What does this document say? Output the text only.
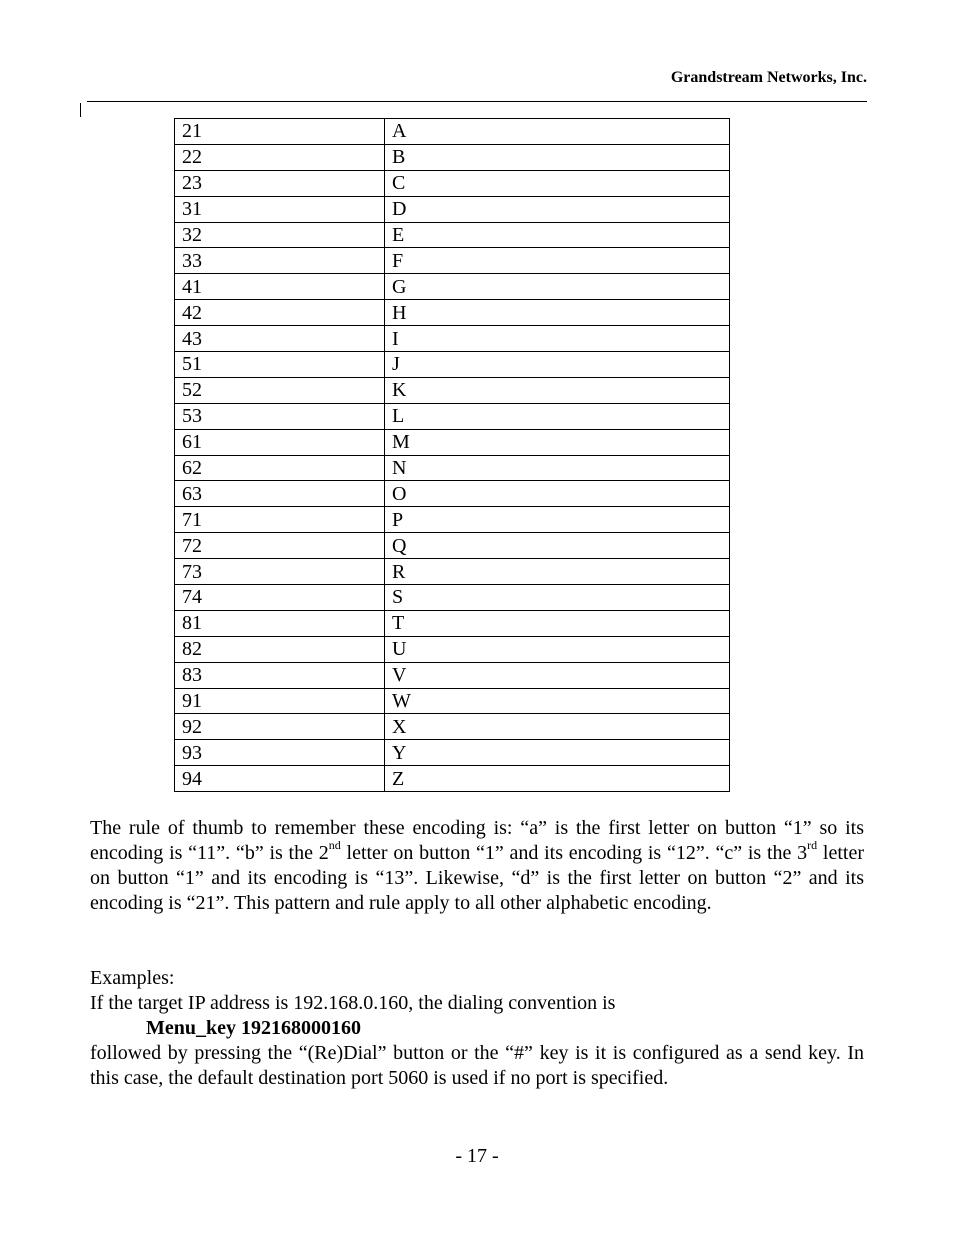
Grandstream Networks, Inc.
21	A
22	B
23	C
31	D
32	E
33	F
41	G
42	H
43	I
51	J
52	K
53	L
61	M
62	N
63	O
71	P
72	Q
73	R
74	S
81	T
82	U
83	V
91	W
92	X
93	Y
94	Z
The rule of thumb to remember these encoding is: “a” is the first letter on button “1” so its encoding is “11”. “b” is the 2nd letter on button “1” and its encoding is “12”. “c” is the 3rd letter on button “1” and its encoding is “13”. Likewise, “d” is the first letter on button “2” and its encoding is “21”. This pattern and rule apply to all other alphabetic encoding.
Examples:
If the target IP address is 192.168.0.160, the dialing convention is
Menu_key 192168000160
followed by pressing the “(Re)Dial” button or the “#” key is it is configured as a send key. In this case, the default destination port 5060 is used if no port is specified.
- 17 -
